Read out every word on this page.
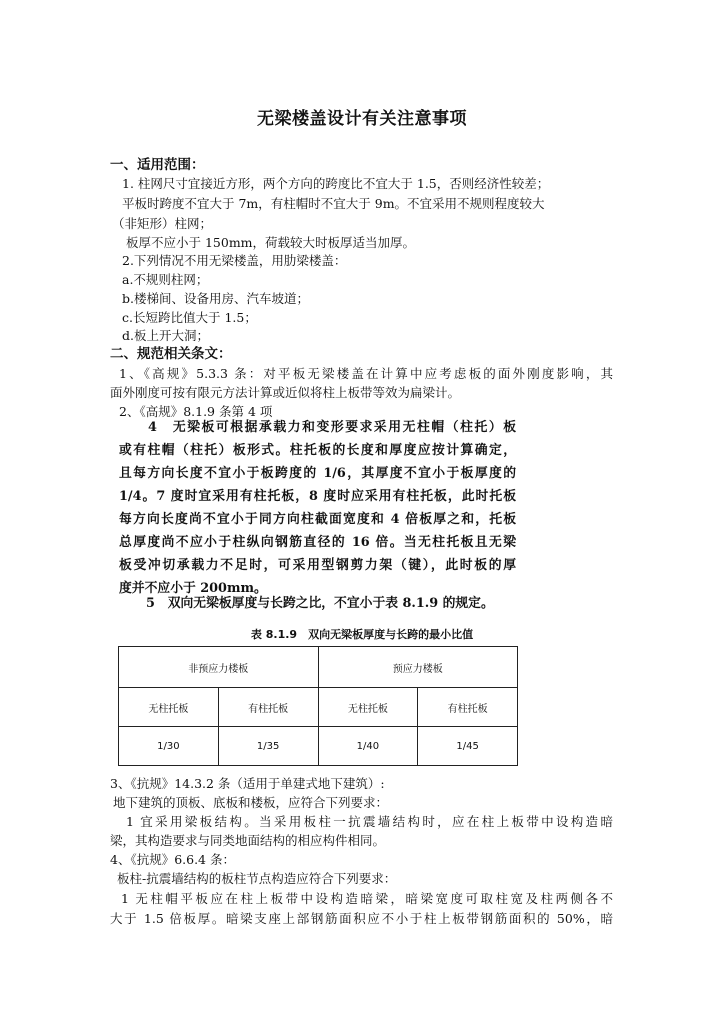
无梁楼盖设计有关注意事项
一、适用范围：
1. 柱网尺寸宜接近方形，两个方向的跨度比不宜大于 1.5，否则经济性较差；
平板时跨度不宜大于 7m，有柱帽时不宜大于 9m。不宜采用不规则程度较大
（非矩形）柱网；
板厚不应小于 150mm，荷载较大时板厚适当加厚。
2.下列情况不用无梁楼盖，用肋梁楼盖：
a.不规则柱网；
b.楼梯间、设备用房、汽车坡道；
c.长短跨比值大于 1.5；
d.板上开大洞；
二、规范相关条文：
1、《高规》5.3.3 条：对平板无梁楼盖在计算中应考虑板的面外刚度影响，其
面外刚度可按有限元方法计算或近似将柱上板带等效为扁梁计。
2、《高规》8.1.9 条第 4 项
4　无梁板可根据承载力和变形要求采用无柱帽（柱托）板
或有柱帽（柱托）板形式。柱托板的长度和厚度应按计算确定，
且每方向长度不宜小于板跨度的 1/6，其厚度不宜小于板厚度的
1/4。7 度时宜采用有柱托板，8 度时应采用有柱托板，此时托板
每方向长度尚不宜小于同方向柱截面宽度和 4 倍板厚之和，托板
总厚度尚不应小于柱纵向钢筋直径的 16 倍。当无柱托板且无梁
板受冲切承载力不足时，可采用型钢剪力架（键），此时板的厚
度并不应小于 200mm。
5　双向无梁板厚度与长跨之比，不宜小于表 8.1.9 的规定。
表 8.1.9　双向无梁板厚度与长跨的最小比值
非预应力楼板		预应力楼板	
无柱托板	有柱托板	无柱托板	有柱托板
1/30	1/35	1/40	1/45
3、《抗规》14.3.2 条（适用于单建式地下建筑）:
地下建筑的顶板、底板和楼板，应符合下列要求：
1 宜采用梁板结构。当采用板柱一抗震墙结构时，应在柱上板带中设构造暗
梁，其构造要求与同类地面结构的相应构件相同。
4、《抗规》6.6.4 条：
板柱-抗震墙结构的板柱节点构造应符合下列要求：
1 无柱帽平板应在柱上板带中设构造暗梁，暗梁宽度可取柱宽及柱两侧各不
大于 1.5 倍板厚。暗梁支座上部钢筋面积应不小于柱上板带钢筋面积的 50%，暗
